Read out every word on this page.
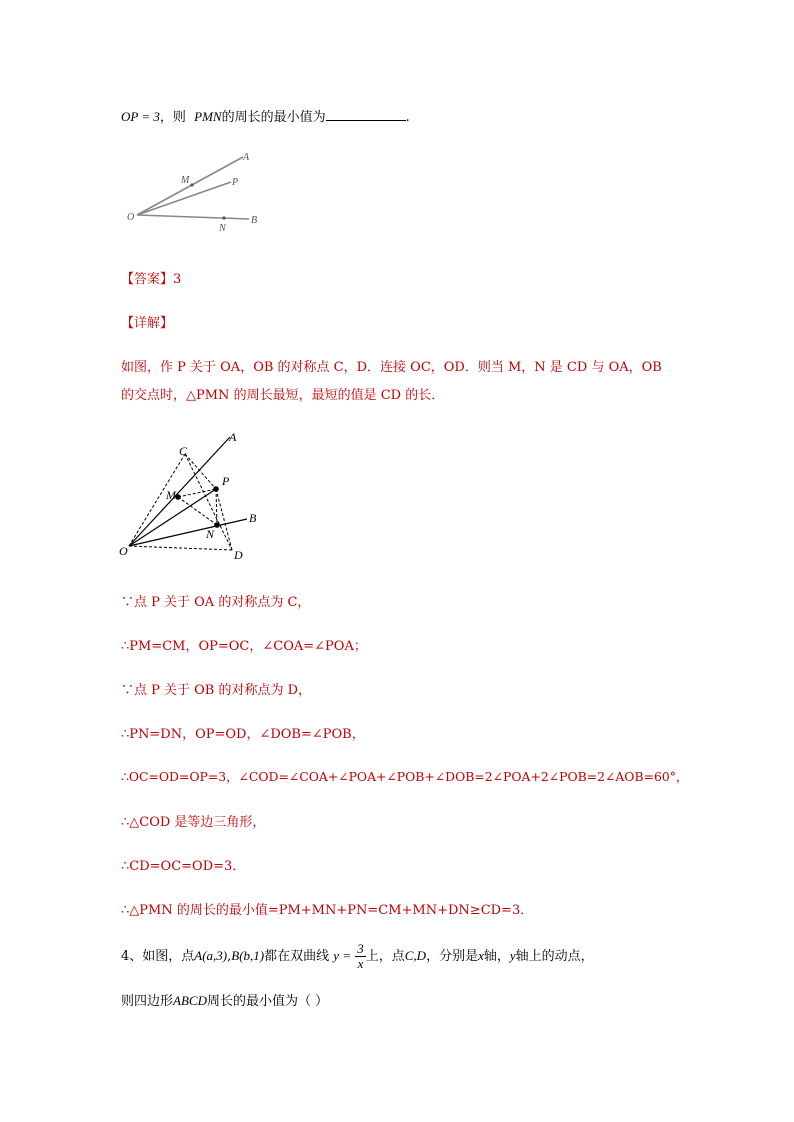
OP = 3，则 PMN的周长的最小值为	.
A
M	P
O
N
B
【答案】3
【详解】
如图，作 P 关于 OA，OB 的对称点 C，D．连接 OC，OD．则当 M，N 是 CD 与 OA，OB
的交点时，△PMN 的周长最短，最短的值是 CD 的长．
A
C
P
M
B
N
O	D
∵点 P 关于 OA 的对称点为 C，
∴PM=CM，OP=OC，∠COA=∠POA；
∵点 P 关于 OB 的对称点为 D，
∴PN=DN，OP=OD，∠DOB=∠POB，
∴OC=OD=OP=3，∠COD=∠COA+∠POA+∠POB+∠DOB=2∠POA+2∠POB=2∠AOB=60°，
∴△COD 是等边三角形，
∴CD=OC=OD=3．
∴△PMN 的周长的最小值=PM+MN+PN=CM+MN+DN≥CD=3．
4、如图，点A(a,3),B(b,1)都在双曲线 $y = \frac{3}{x}$ 上，点C,D，分别是x轴，y轴上的动点，
则四边形ABCD周长的最小值为（ ）
